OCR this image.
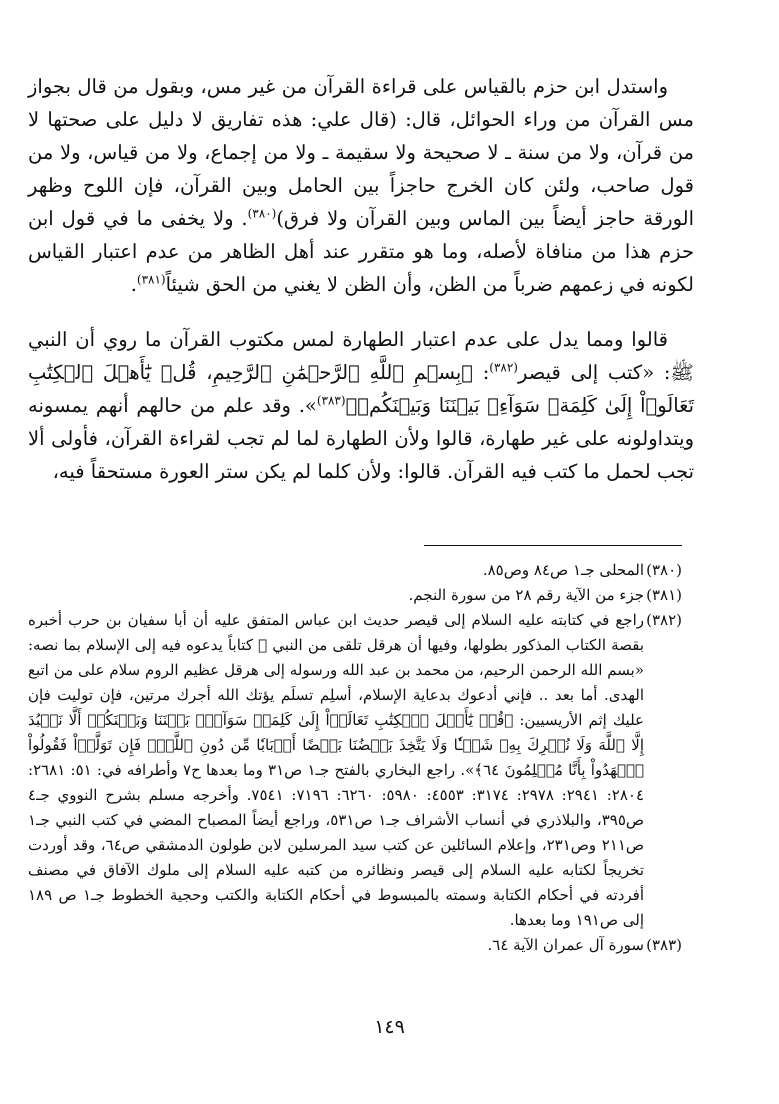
واستدل ابن حزم بالقياس على قراءة القرآن من غير مس، وبقول من قال بجواز مس القرآن من وراء الحوائل، قال: (قال علي: هذه تفاريق لا دليل على صحتها لا من قرآن، ولا من سنة ـ لا صحيحة ولا سقيمة ـ ولا من إجماع، ولا من قياس، ولا من قول صاحب، ولئن كان الخرج حاجزاً بين الحامل وبين القرآن، فإن اللوح وظهر الورقة حاجز أيضاً بين الماس وبين القرآن ولا فرق)$^{(٣٨٠)}$. ولا يخفى ما في قول ابن حزم هذا من منافاة لأصله، وما هو متقرر عند أهل الظاهر من عدم اعتبار القياس لكونه في زعمهم ضرباً من الظن، وأن الظن لا يغني من الحق شيئاً$^{(٣٨١)}$.

قالوا ومما يدل على عدم اعتبار الطهارة لمس مكتوب القرآن ما روي أن النبي ﷺ: «كتب إلى قيصر$^{(٣٨٢)}$: ﴿بِسۡمِ ٱللَّهِ ٱلرَّحۡمَٰنِ ٱلرَّحِيمِ، قُلۡ يَٰٓأَهۡلَ ٱلۡكِتَٰبِ تَعَالَوۡاْ إِلَىٰ كَلِمَةٖ سَوَآءِۭ بَيۡنَنَا وَبَيۡنَكُمۡ﴾$^{(٣٨٣)}$». وقد علم من حالهم أنهم يمسونه ويتداولونه على غير طهارة، قالوا ولأن الطهارة لما لم تجب لقراءة القرآن، فأولى ألا تجب لحمل ما كتب فيه القرآن. قالوا: ولأن كلما لم يكن ستر العورة مستحقاً فيه،

(٣٨٠)
المحلى جـ١ ص٨٤ وص٨٥.

(٣٨١)
جزء من الآية رقم ٢٨ من سورة النجم.

(٣٨٢)
راجع في كتابته عليه السلام إلى قيصر حديث ابن عباس المتفق عليه أن أبا سفيان بن حرب أخبره بقصة الكتاب المذكور بطولها، وفيها أن هرقل تلقى من النبي ﷺ كتاباً يدعوه فيه إلى الإسلام بما نصه: «بسم الله الرحمن الرحيم، من محمد بن عبد الله ورسوله إلى هرقل عظيم الروم سلام على من اتبع الهدى. أما بعد .. فإني أدعوك بدعاية الإسلام، أسلِم تسلَم يؤتك الله أجرك مرتين، فإن توليت فإن عليك إثم الأريسيين: ﴿قُلۡ يَٰٓأَهۡلَ ٱلۡكِتَٰبِ تَعَالَوۡاْ إِلَىٰ كَلِمَةٖ سَوَآءِۭ بَيۡنَنَا وَبَيۡنَكُمۡ أَلَّا نَعۡبُدَ إِلَّا ٱللَّهَ وَلَا نُشۡرِكَ بِهِۦ شَيۡـٔٗا وَلَا يَتَّخِذَ بَعۡضُنَا بَعۡضًا أَرۡبَابٗا مِّن دُونِ ٱللَّهِۚ فَإِن تَوَلَّوۡاْ فَقُولُواْ ٱشۡهَدُواْ بِأَنَّا مُسۡلِمُونَ ٦٤﴾». راجع البخاري بالفتح جـ١ ص٣١ وما بعدها ح٧ وأطرافه في: ٥١: ٢٦٨١: ٢٨٠٤: ٢٩٤١: ٢٩٧٨: ٣١٧٤: ٤٥٥٣: ٥٩٨٠: ٦٢٦٠: ٧١٩٦: ٧٥٤١. وأخرجه مسلم بشرح النووي جـ٤ ص٣٩٥، والبلاذري في أنساب الأشراف جـ١ ص٥٣١، وراجع أيضاً المصباح المضي في كتب النبي جـ١ ص٢١١ وص٢٣١، وإعلام السائلين عن كتب سيد المرسلين لابن طولون الدمشقي ص٦٤، وقد أوردت تخريجاً لكتابه عليه السلام إلى قيصر ونظائره من كتبه عليه السلام إلى ملوك الآفاق في مصنف أفردته في أحكام الكتابة وسمته بالمبسوط في أحكام الكتابة والكتب وحجية الخطوط جـ١ ص ١٨٩ إلى ص١٩١ وما بعدها.

(٣٨٣)
سورة آل عمران الآية ٦٤.

١٤٩
